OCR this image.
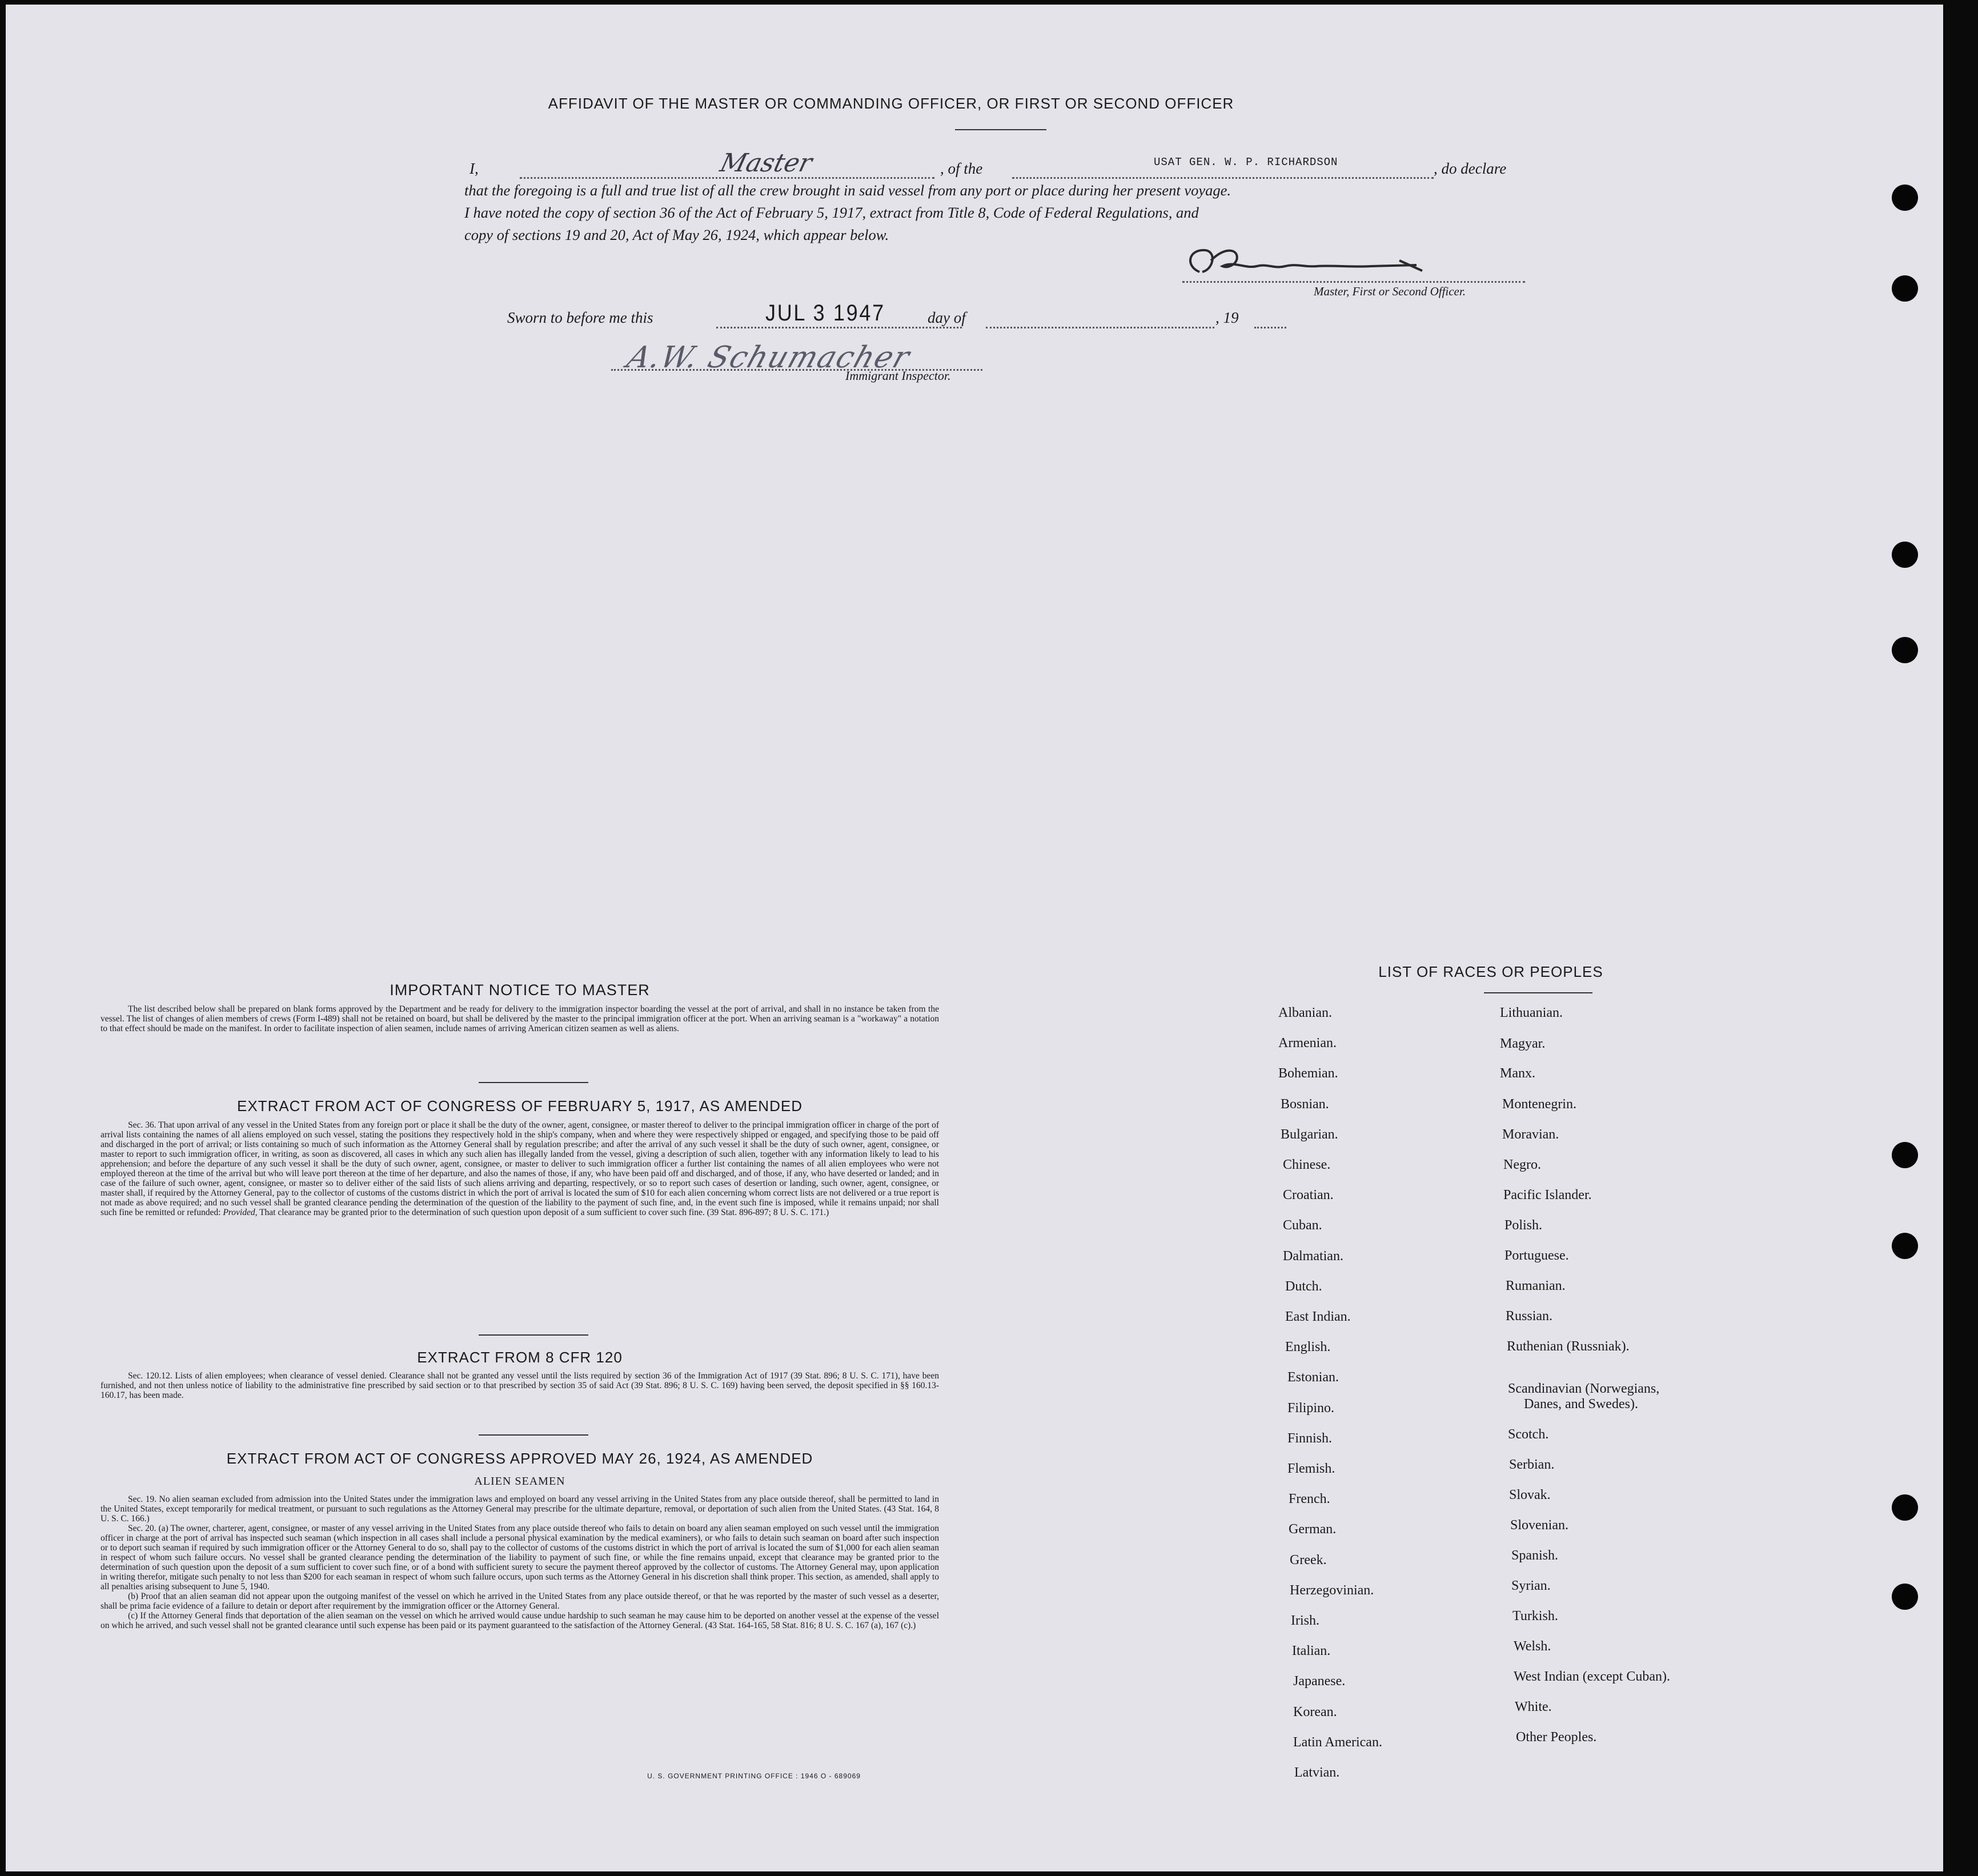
AFFIDAVIT OF THE MASTER OR COMMANDING OFFICER, OR FIRST OR SECOND OFFICER
I,	Master	, of the	USAT GEN. W. P. RICHARDSON	, do declare
that the foregoing is a full and true list of all the crew brought in said vessel from any port or place during her present voyage.
I have noted the copy of section 36 of the Act of February 5, 1917, extract from Title 8, Code of Federal Regulations, and
copy of sections 19 and 20, Act of May 26, 1924, which appear below.
Master, First or Second Officer.
Sworn to before me this	JUL 3 1947	day of	, 19
A.W. Schumacher
Immigrant Inspector.
IMPORTANT NOTICE TO MASTER

The list described below shall be prepared on blank forms approved by the Department and be ready for delivery to the immigration inspector boarding the vessel at the port of arrival, and shall in no instance be taken from the vessel. The list of changes of alien members of crews (Form I-489) shall not be retained on board, but shall be delivered by the master to the principal immigration officer at the port. When an arriving seaman is a "workaway" a notation to that effect should be made on the manifest. In order to facilitate inspection of alien seamen, include names of arriving American citizen seamen as well as aliens.

EXTRACT FROM ACT OF CONGRESS OF FEBRUARY 5, 1917, AS AMENDED

Sec. 36. That upon arrival of any vessel in the United States from any foreign port or place it shall be the duty of the owner, agent, consignee, or master thereof to deliver to the principal immigration officer in charge of the port of arrival lists containing the names of all aliens employed on such vessel, stating the positions they respectively hold in the ship's company, when and where they were respectively shipped or engaged, and specifying those to be paid off and discharged in the port of arrival; or lists containing so much of such information as the Attorney General shall by regulation prescribe; and after the arrival of any such vessel it shall be the duty of such owner, agent, consignee, or master to report to such immigration officer, in writing, as soon as discovered, all cases in which any such alien has illegally landed from the vessel, giving a description of such alien, together with any information likely to lead to his apprehension; and before the departure of any such vessel it shall be the duty of such owner, agent, consignee, or master to deliver to such immigration officer a further list containing the names of all alien employees who were not employed thereon at the time of the arrival but who will leave port thereon at the time of her departure, and also the names of those, if any, who have been paid off and discharged, and of those, if any, who have deserted or landed; and in case of the failure of such owner, agent, consignee, or master so to deliver either of the said lists of such aliens arriving and departing, respectively, or so to report such cases of desertion or landing, such owner, agent, consignee, or master shall, if required by the Attorney General, pay to the collector of customs of the customs district in which the port of arrival is located the sum of $10 for each alien concerning whom correct lists are not delivered or a true report is not made as above required; and no such vessel shall be granted clearance pending the determination of the question of the liability to the payment of such fine, and, in the event such fine is imposed, while it remains unpaid; nor shall such fine be remitted or refunded: Provided, That clearance may be granted prior to the determination of such question upon deposit of a sum sufficient to cover such fine. (39 Stat. 896-897; 8 U. S. C. 171.)

EXTRACT FROM 8 CFR 120

Sec. 120.12. Lists of alien employees; when clearance of vessel denied. Clearance shall not be granted any vessel until the lists required by section 36 of the Immigration Act of 1917 (39 Stat. 896; 8 U. S. C. 171), have been furnished, and not then unless notice of liability to the administrative fine prescribed by said section or to that prescribed by section 35 of said Act (39 Stat. 896; 8 U. S. C. 169) having been served, the deposit specified in §§ 160.13-160.17, has been made.

EXTRACT FROM ACT OF CONGRESS APPROVED MAY 26, 1924, AS AMENDED
ALIEN SEAMEN

Sec. 19. No alien seaman excluded from admission into the United States under the immigration laws and employed on board any vessel arriving in the United States from any place outside thereof, shall be permitted to land in the United States, except temporarily for medical treatment, or pursuant to such regulations as the Attorney General may prescribe for the ultimate departure, removal, or deportation of such alien from the United States. (43 Stat. 164, 8 U. S. C. 166.)

Sec. 20. (a) The owner, charterer, agent, consignee, or master of any vessel arriving in the United States from any place outside thereof who fails to detain on board any alien seaman employed on such vessel until the immigration officer in charge at the port of arrival has inspected such seaman (which inspection in all cases shall include a personal physical examination by the medical examiners), or who fails to detain such seaman on board after such inspection or to deport such seaman if required by such immigration officer or the Attorney General to do so, shall pay to the collector of customs of the customs district in which the port of arrival is located the sum of $1,000 for each alien seaman in respect of whom such failure occurs. No vessel shall be granted clearance pending the determination of the liability to payment of such fine, or while the fine remains unpaid, except that clearance may be granted prior to the determination of such question upon the deposit of a sum sufficient to cover such fine, or of a bond with sufficient surety to secure the payment thereof approved by the collector of customs. The Attorney General may, upon application in writing therefor, mitigate such penalty to not less than $200 for each seaman in respect of whom such failure occurs, upon such terms as the Attorney General in his discretion shall think proper. This section, as amended, shall apply to all penalties arising subsequent to June 5, 1940.

(b) Proof that an alien seaman did not appear upon the outgoing manifest of the vessel on which he arrived in the United States from any place outside thereof, or that he was reported by the master of such vessel as a deserter, shall be prima facie evidence of a failure to detain or deport after requirement by the immigration officer or the Attorney General.

(c) If the Attorney General finds that deportation of the alien seaman on the vessel on which he arrived would cause undue hardship to such seaman he may cause him to be deported on another vessel at the expense of the vessel on which he arrived, and such vessel shall not be granted clearance until such expense has been paid or its payment guaranteed to the satisfaction of the Attorney General. (43 Stat. 164-165, 58 Stat. 816; 8 U. S. C. 167 (a), 167 (c).)

U. S. GOVERNMENT PRINTING OFFICE : 1946 O - 689069
LIST OF RACES OR PEOPLES
Albanian.
Armenian.
Bohemian.
Bosnian.
Bulgarian.
Chinese.
Croatian.
Cuban.
Dalmatian.
Dutch.
East Indian.
English.
Estonian.
Filipino.
Finnish.
Flemish.
French.
German.
Greek.
Herzegovinian.
Irish.
Italian.
Japanese.
Korean.
Latin American.
Latvian.
Lithuanian.
Magyar.
Manx.
Montenegrin.
Moravian.
Negro.
Pacific Islander.
Polish.
Portuguese.
Rumanian.
Russian.
Ruthenian (Russniak).
Scandinavian (Norwegians,
Danes, and Swedes).
Scotch.
Serbian.
Slovak.
Slovenian.
Spanish.
Syrian.
Turkish.
Welsh.
West Indian (except Cuban).
White.
Other Peoples.
